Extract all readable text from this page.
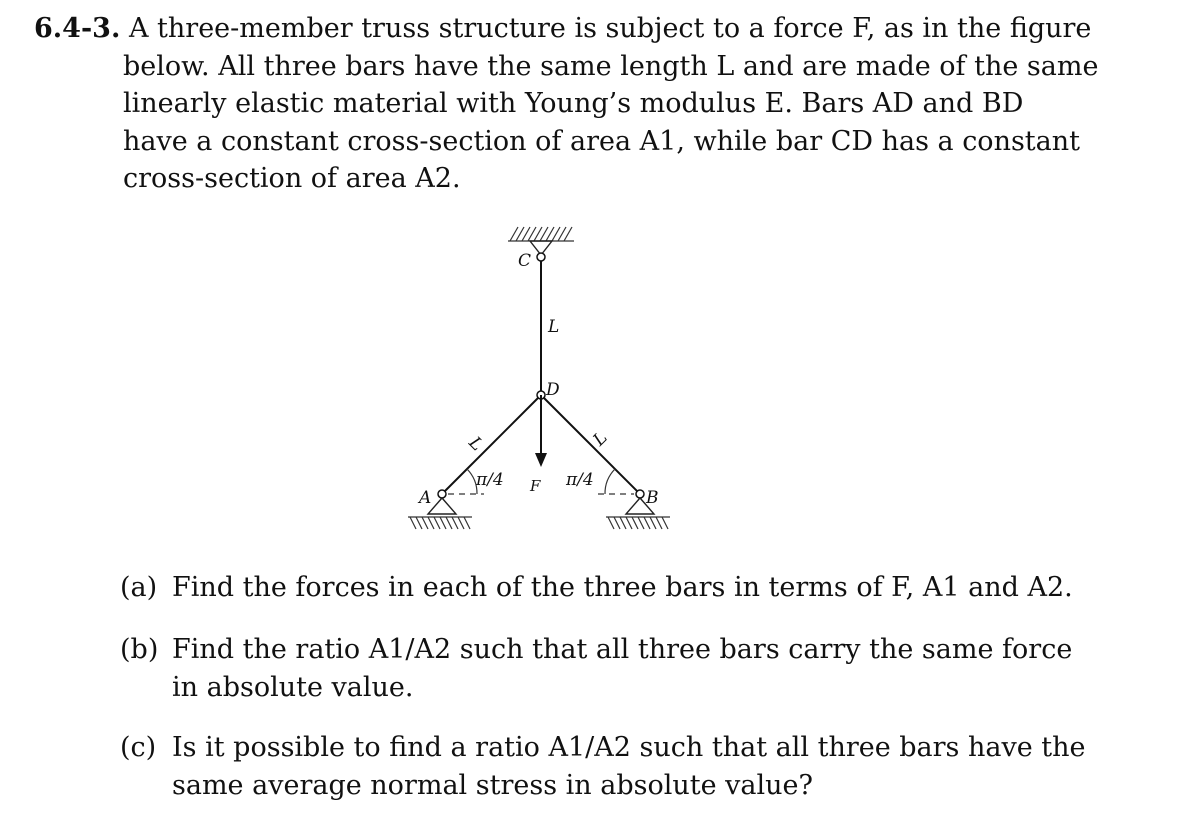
6.4-3. A three-member truss structure is subject to a force F, as in the figure
below. All three bars have the same length L and are made of the same
linearly elastic material with Young’s modulus E. Bars AD and BD
have a constant cross-section of area A1, while bar CD has a constant
cross-section of area A2.
C
L
D
L	L
π/4	π/4
F
A	B
(a) Find the forces in each of the three bars in terms of F, A1 and A2.
(b) Find the ratio A1/A2 such that all three bars carry the same force
in absolute value.
(c) Is it possible to find a ratio A1/A2 such that all three bars have the
same average normal stress in absolute value?
